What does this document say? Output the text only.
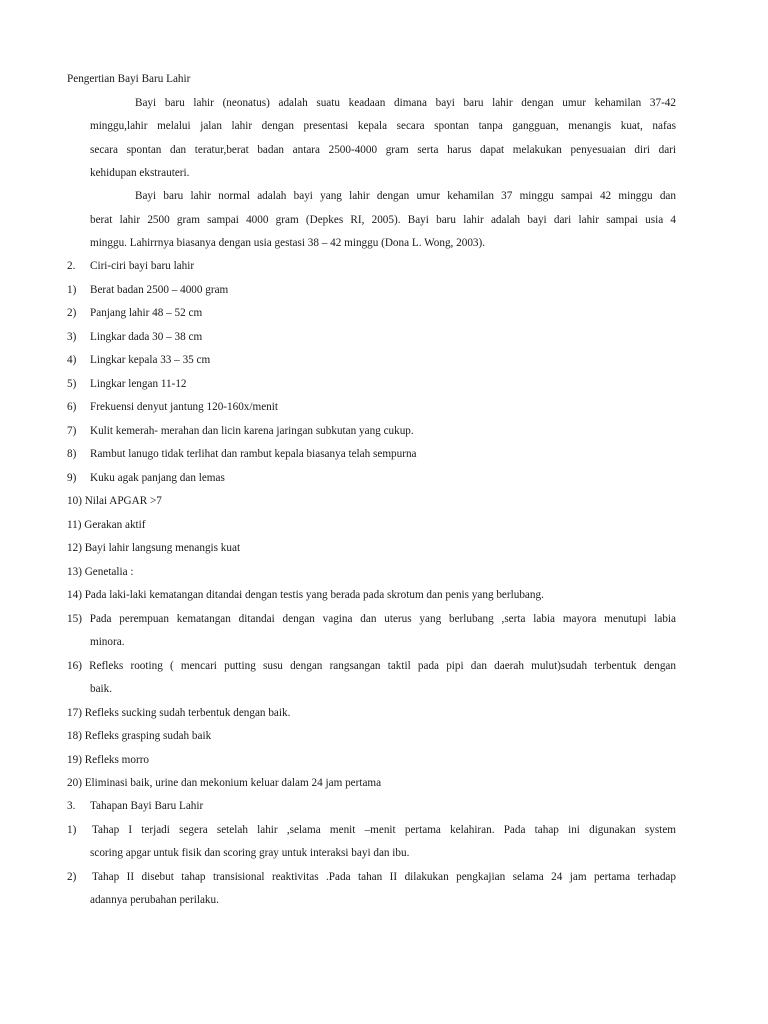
Pengertian Bayi Baru Lahir
Bayi baru lahir (neonatus) adalah suatu keadaan dimana bayi baru lahir dengan umur kehamilan 37-42
minggu,lahir melalui jalan lahir dengan presentasi kepala secara spontan tanpa gangguan, menangis kuat, nafas
secara spontan dan teratur,berat badan antara 2500-4000 gram serta harus dapat melakukan penyesuaian diri dari
kehidupan ekstrauteri.
Bayi baru lahir normal adalah bayi yang lahir dengan umur kehamilan 37 minggu sampai 42 minggu dan
berat lahir 2500 gram sampai 4000 gram (Depkes RI, 2005). Bayi baru lahir adalah bayi dari lahir sampai usia 4
minggu. Lahirrnya biasanya dengan usia gestasi 38 – 42 minggu (Dona L. Wong, 2003).
2. Ciri-ciri bayi baru lahir
1) Berat badan 2500 – 4000 gram
2) Panjang lahir 48 – 52 cm
3) Lingkar dada 30 – 38 cm
4) Lingkar kepala 33 – 35 cm
5) Lingkar lengan 11-12
6) Frekuensi denyut jantung 120-160x/menit
7) Kulit kemerah- merahan dan licin karena jaringan subkutan yang cukup.
8) Rambut lanugo tidak terlihat dan rambut kepala biasanya telah sempurna
9) Kuku agak panjang dan lemas
10) Nilai APGAR >7
11) Gerakan aktif
12) Bayi lahir langsung menangis kuat
13) Genetalia :
14) Pada laki-laki kematangan ditandai dengan testis yang berada pada skrotum dan penis yang berlubang.
15) Pada perempuan kematangan ditandai dengan vagina dan uterus yang berlubang ,serta labia mayora menutupi labia
minora.
16) Refleks rooting ( mencari putting susu dengan rangsangan taktil pada pipi dan daerah mulut)sudah terbentuk dengan
baik.
17) Refleks sucking sudah terbentuk dengan baik.
18) Refleks grasping sudah baik
19) Refleks morro
20) Eliminasi baik, urine dan mekonium keluar dalam 24 jam pertama
3. Tahapan Bayi Baru Lahir
1) Tahap I terjadi segera setelah lahir ,selama menit –menit pertama kelahiran. Pada tahap ini digunakan system
scoring apgar untuk fisik dan scoring gray untuk interaksi bayi dan ibu.
2) Tahap II disebut tahap transisional reaktivitas .Pada tahan II dilakukan pengkajian selama 24 jam pertama terhadap
adannya perubahan perilaku.
